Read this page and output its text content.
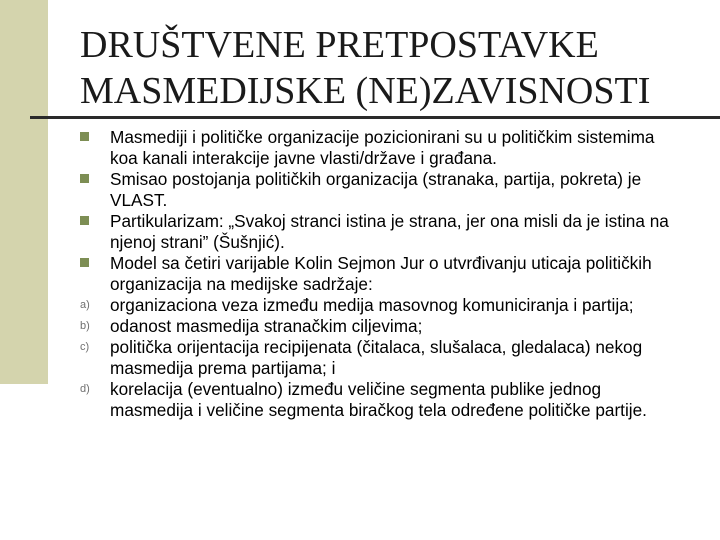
DRUŠTVENE PRETPOSTAVKE
MASMEDIJSKE (NE)ZAVISNOSTI
Masmediji i političke organizacije pozicionirani su u političkim sistemima koa kanali interakcije javne vlasti/države i građana.
Smisao postojanja političkih organizacija (stranaka, partija, pokreta) je VLAST.
Partikularizam: „Svakoj stranci istina je strana, jer ona misli da je istina na njenoj strani” (Šušnjić).
Model sa četiri varijable Kolin Sejmon Jur o utvrđivanju uticaja političkih organizacija na medijske sadržaje:
a)	organizaciona veza između medija masovnog komuniciranja i partija;
b)	odanost masmedija stranačkim ciljevima;
c)	politička orijentacija recipijenata (čitalaca, slušalaca, gledalaca) nekog masmedija prema partijama; i
d)	korelacija (eventualno) između veličine segmenta publike jednog masmedija i veličine segmenta biračkog tela određene političke partije.
